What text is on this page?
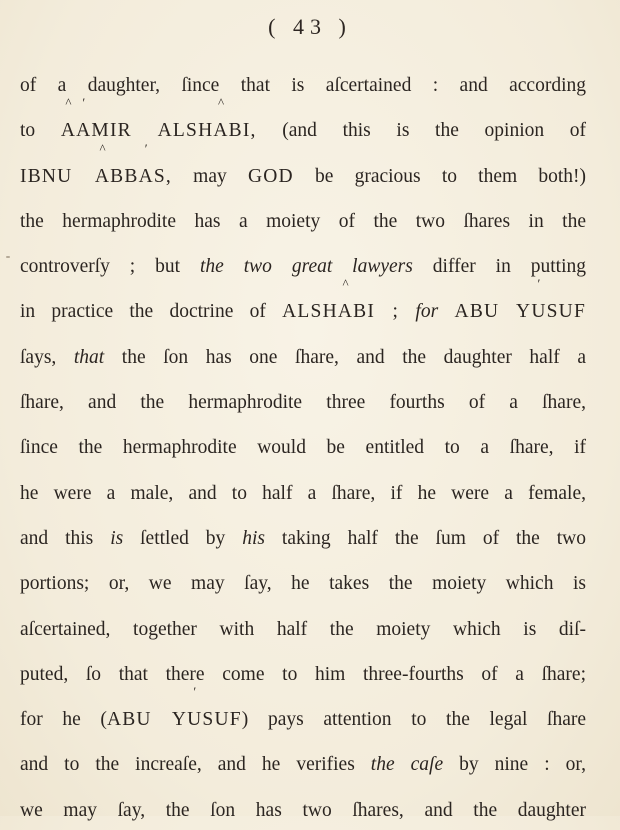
( 43 )
of a daughter, ſince that is aſcertained : and according
to ^ Aʹ AMIR ALSH^ ABI, (and this is the opinion of
IBNU ^ ABBʹ AS, may GOD be gracious to them both!)
the hermaphrodite has a moiety of the two ſhares in the
controverſy ; but the two great lawyers differ in putting
in practice the doctrine of ALSH^ ABI ; for ABU Yʹ USUF
ſays, that the ſon has one ſhare, and the daughter half a
ſhare, and the hermaphrodite three fourths of a ſhare,
ſince the hermaphrodite would be entitled to a ſhare, if
he were a male, and to half a ſhare, if he were a female,
and this is ſettled by his taking half the ſum of the two
portions; or, we may ſay, he takes the moiety which is
aſcertained, together with half the moiety which is diſ-
puted, ſo that there come to him three-fourths of a ſhare;
for he (ABU Yʹ USUF) pays attention to the legal ſhare
and to the increaſe, and he verifies the caſe by nine : or,
we may ſay, the ſon has two ſhares, and the daughter
